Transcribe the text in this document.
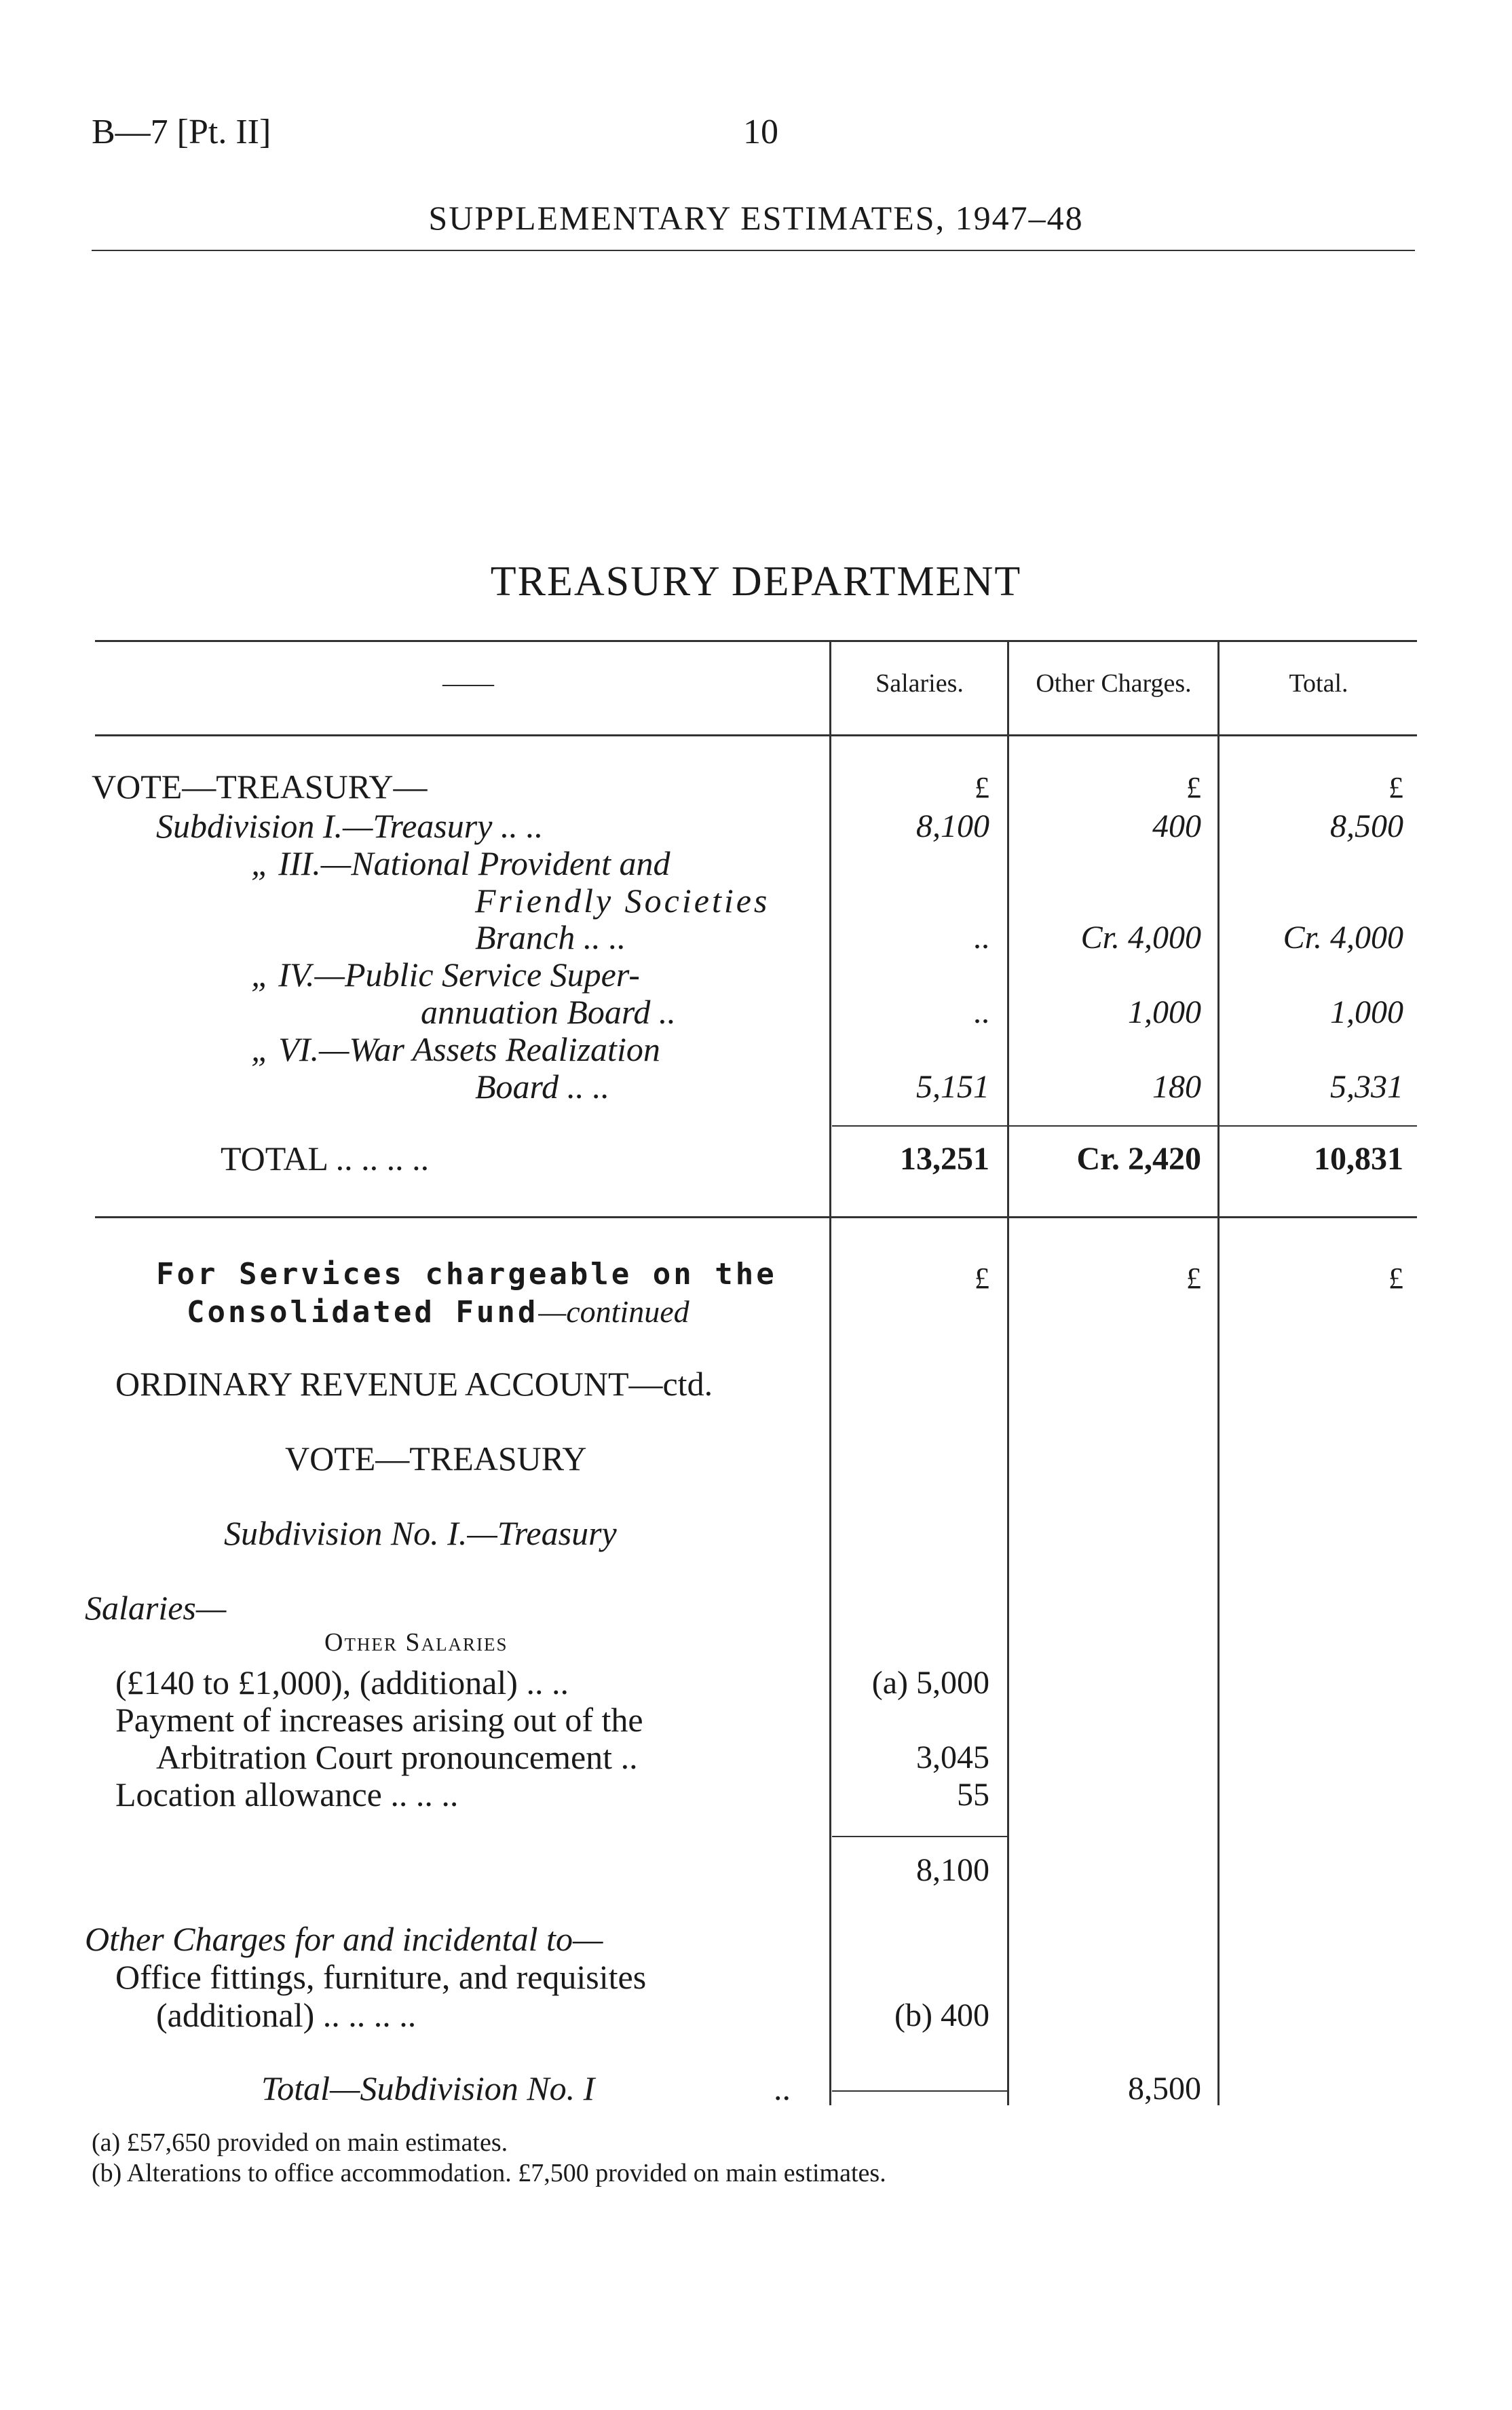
B—7 [Pt. II]	10
SUPPLEMENTARY ESTIMATES, 1947–48
TREASURY DEPARTMENT
——	Salaries.	Other Charges.	Total.
VOTE—TREASURY—	£	£	£
Subdivision I.—Treasury .. ..	8,100	400	8,500
„ III.—National Provident and
Friendly Societies
Branch .. ..	..	Cr. 4,000	Cr. 4,000
„ IV.—Public Service Super-
annuation Board ..	..	1,000	1,000
„ VI.—War Assets Realization
Board .. ..	5,151	180	5,331
TOTAL .. .. .. ..	13,251	Cr. 2,420	10,831
For Services chargeable on the
Consolidated Fund—continued
£	£	£
ORDINARY REVENUE ACCOUNT—ctd.
VOTE—TREASURY
Subdivision No. I.—Treasury
Salaries—
Other Salaries
(£140 to £1,000), (additional) .. ..	(a) 5,000
Payment of increases arising out of the
Arbitration Court pronouncement ..	3,045
Location allowance .. .. ..	55
8,100
Other Charges for and incidental to—
Office fittings, furniture, and requisites
(additional) .. .. .. ..	(b) 400
Total—Subdivision No. I	..	8,500
(a) £57,650 provided on main estimates.
(b) Alterations to office accommodation. £7,500 provided on main estimates.
